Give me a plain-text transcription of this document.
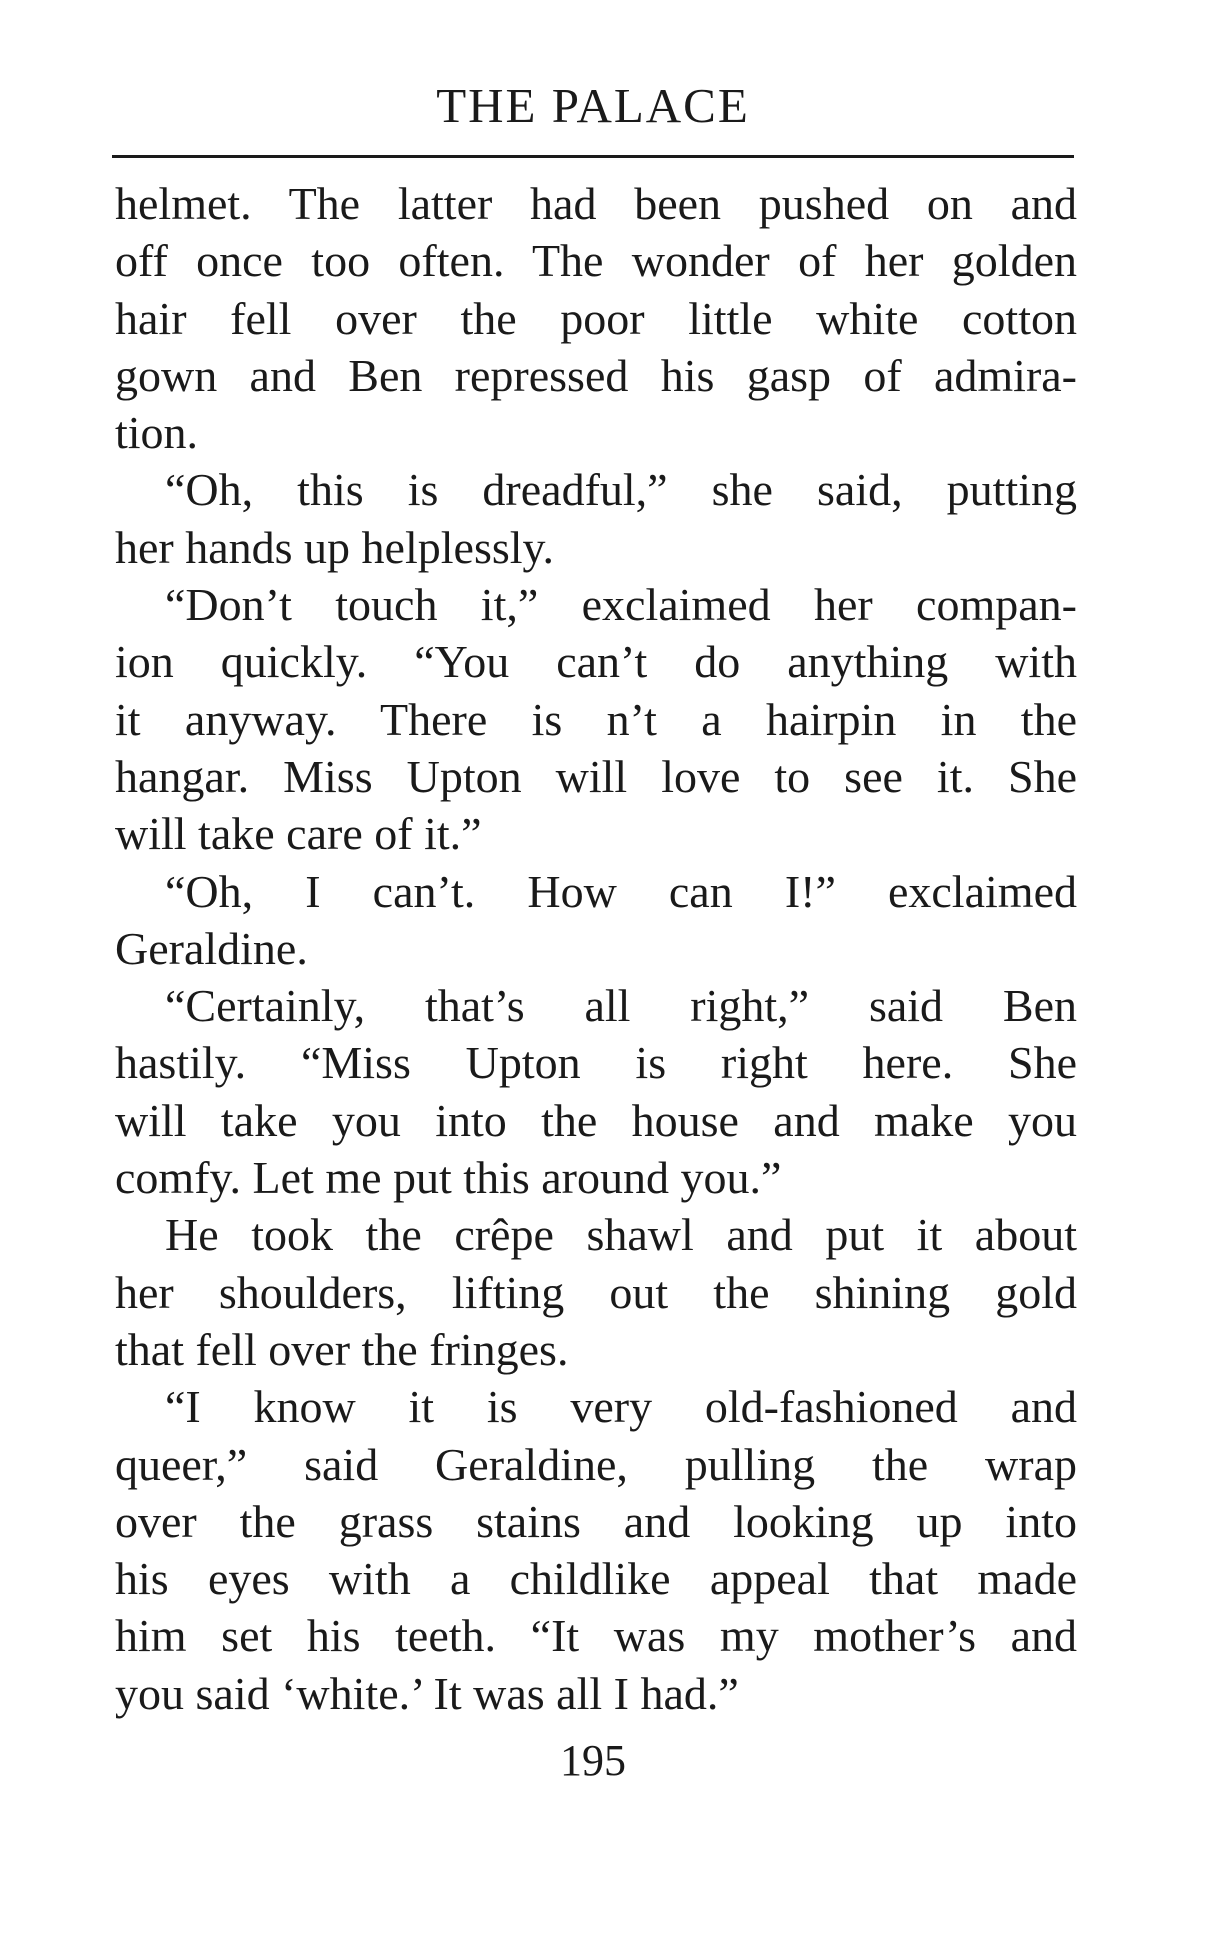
THE PALACE
helmet. The latter had been pushed on and
off once too often. The wonder of her golden
hair fell over the poor little white cotton
gown and Ben repressed his gasp of admira-
tion.
“Oh, this is dreadful,” she said, putting
her hands up helplessly.
“Don’t touch it,” exclaimed her compan-
ion quickly. “You can’t do anything with
it anyway. There is n’t a hairpin in the
hangar. Miss Upton will love to see it. She
will take care of it.”
“Oh, I can’t. How can I!” exclaimed
Geraldine.
“Certainly, that’s all right,” said Ben
hastily. “Miss Upton is right here. She
will take you into the house and make you
comfy. Let me put this around you.”
He took the crêpe shawl and put it about
her shoulders, lifting out the shining gold
that fell over the fringes.
“I know it is very old-fashioned and
queer,” said Geraldine, pulling the wrap
over the grass stains and looking up into
his eyes with a childlike appeal that made
him set his teeth. “It was my mother’s and
you said ‘white.’ It was all I had.”
195
